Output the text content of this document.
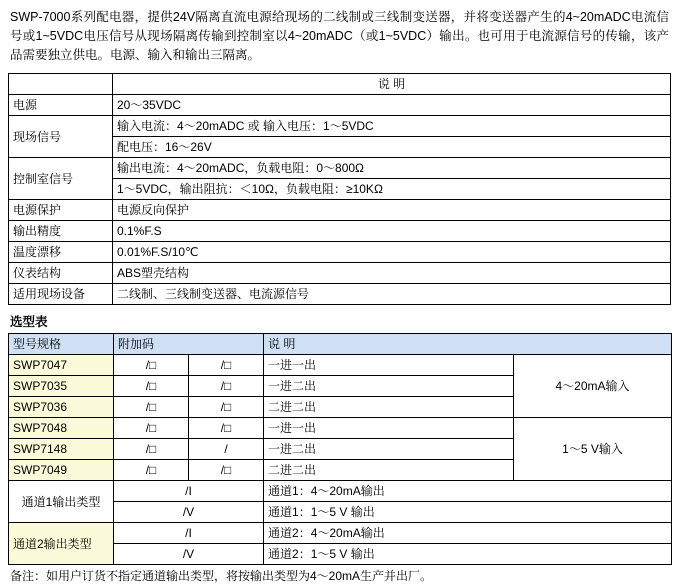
SWP-7000系列配电器，提供24V隔离直流电源给现场的二线制或三线制变送器，并将变送器产生的4~20mADC电流信号或1~5VDC电压信号从现场隔离传输到控制室以4~20mADC（或1~5VDC）输出。也可用于电流源信号的传输，该产品需要独立供电。电源、输入和输出三隔离。
	说 明
电源	20～35VDC
现场信号	输入电流：4～20mADC 或 输入电压：1～5VDC
	配电压：16～26V
控制室信号	输出电流：4～20mADC，负载电阻：0～800Ω
	1～5VDC，输出阻抗：＜10Ω，负载电阻：≥10KΩ
电源保护	电源反向保护
输出精度	0.1%F.S
温度漂移	0.01%F.S/10℃
仪表结构	ABS塑壳结构
适用现场设备	二线制、三线制变送器、电流源信号
选型表
型号规格	附加码		说 明	
SWP7047	/□	/□	一进一出	4～20mA输入
SWP7035	/□	/□	一进二出	
SWP7036	/□	/□	二进二出	
SWP7048	/□	/□	一进一出	1～5 V输入
SWP7148	/□	/	一进二出	
SWP7049	/□	/□	二进二出	
通道1输出类型	/I		通道1：4～20mA输出	
	/V		通道1：1～5 V 输出	
通道2输出类型	/I		通道2：4～20mA输出	
	/V		通道2：1～5 V 输出	
备注：如用户订货不指定通道输出类型，将按输出类型为4～20mA生产并出厂。
